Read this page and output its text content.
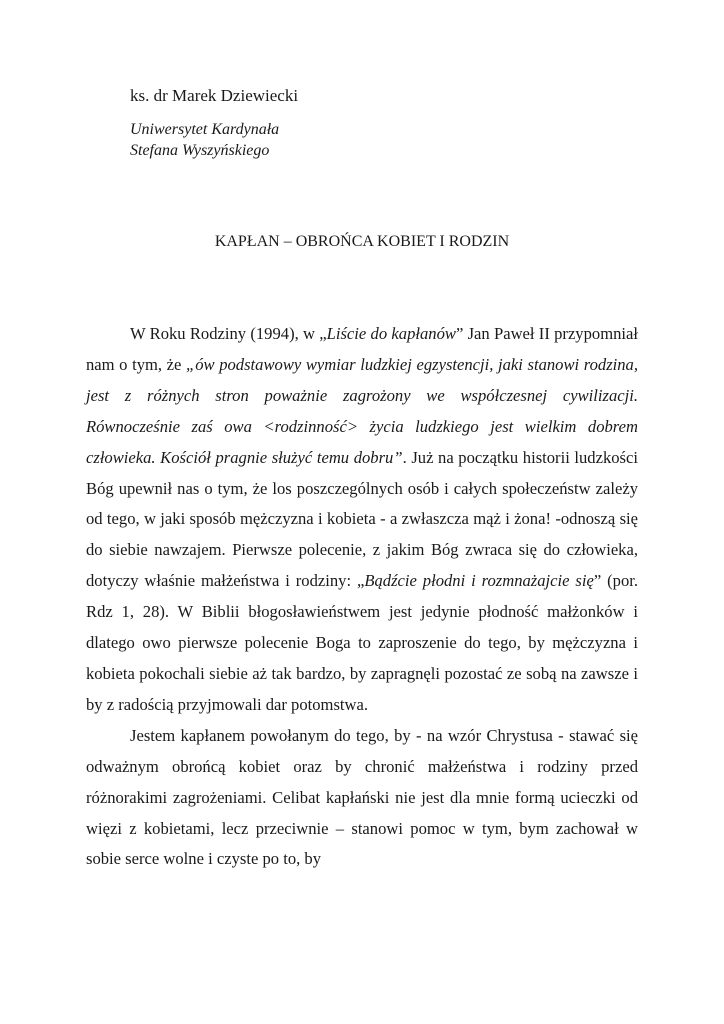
ks. dr Marek Dziewiecki
Uniwersytet Kardynała
Stefana Wyszyńskiego
KAPŁAN – OBROŃCA KOBIET I RODZIN

W Roku Rodziny (1994), w „Liście do kapłanów” Jan Paweł II przypomniał nam o tym, że „ów podstawowy wymiar ludzkiej egzystencji, jaki stanowi rodzina, jest z różnych stron poważnie zagrożony we współczesnej cywilizacji. Równocześnie zaś owa <rodzinność> życia ludzkiego jest wielkim dobrem człowieka. Kościół pragnie służyć temu dobru”. Już na początku historii ludzkości Bóg upewnił nas o tym, że los poszczególnych osób i całych społeczeństw zależy od tego, w jaki sposób mężczyzna i kobieta - a zwłaszcza mąż i żona! -odnoszą się do siebie nawzajem. Pierwsze polecenie, z jakim Bóg zwraca się do człowieka, dotyczy właśnie małżeństwa i rodziny: „Bądźcie płodni i rozmnażajcie się” (por. Rdz 1, 28). W Biblii błogosławieństwem jest jedynie płodność małżonków i dlatego owo pierwsze polecenie Boga to zaproszenie do tego, by mężczyzna i kobieta pokochali siebie aż tak bardzo, by zapragnęli pozostać ze sobą na zawsze i by z radością przyjmowali dar potomstwa.

Jestem kapłanem powołanym do tego, by - na wzór Chrystusa - stawać się odważnym obrońcą kobiet oraz by chronić małżeństwa i rodziny przed różnorakimi zagrożeniami. Celibat kapłański nie jest dla mnie formą ucieczki od więzi z kobietami, lecz przeciwnie – stanowi pomoc w tym, bym zachował w sobie serce wolne i czyste po to, by
